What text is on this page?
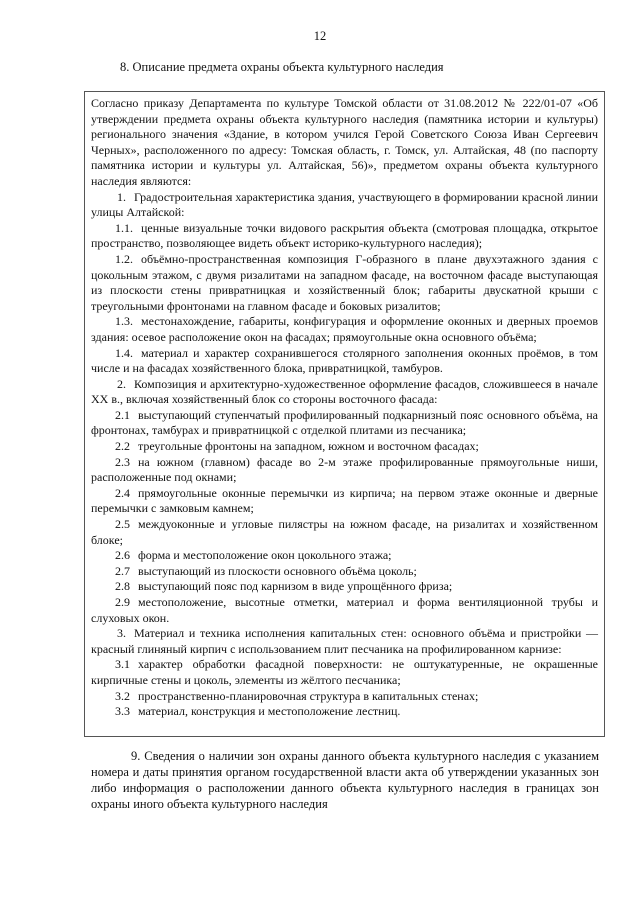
12
8. Описание предмета охраны объекта культурного наследия

Согласно приказу Департамента по культуре Томской области от 31.08.2012 № 222/01-07 «Об утверждении предмета охраны объекта культурного наследия (памятника истории и культуры) регионального значения «Здание, в котором учился Герой Советского Союза Иван Сергеевич Черных», расположенного по адресу: Томская область, г. Томск, ул. Алтайская, 48 (по паспорту памятника истории и культуры ул. Алтайская, 56)», предметом охраны объекта культурного наследия являются:

1. Градостроительная характеристика здания, участвующего в формировании красной линии улицы Алтайской:

1.1. ценные визуальные точки видового раскрытия объекта (смотровая площадка, открытое пространство, позволяющее видеть объект историко-культурного наследия);

1.2. объёмно-пространственная композиция Г-образного в плане двухэтажного здания с цокольным этажом, с двумя ризалитами на западном фасаде, на восточном фасаде выступающая из плоскости стены привратницкая и хозяйственный блок; габариты двускатной крыши с треугольными фронтонами на главном фасаде и боковых ризалитов;

1.3. местонахождение, габариты, конфигурация и оформление оконных и дверных проемов здания: осевое расположение окон на фасадах; прямоугольные окна основного объёма;

1.4. материал и характер сохранившегося столярного заполнения оконных проёмов, в том числе и на фасадах хозяйственного блока, привратницкой, тамбуров.

2. Композиция и архитектурно-художественное оформление фасадов, сложившееся в начале XX в., включая хозяйственный блок со стороны восточного фасада:

2.1 выступающий ступенчатый профилированный подкарнизный пояс основного объёма, на фронтонах, тамбурах и привратницкой с отделкой плитами из песчаника;

2.2 треугольные фронтоны на западном, южном и восточном фасадах;

2.3 на южном (главном) фасаде во 2-м этаже профилированные прямоугольные ниши, расположенные под окнами;

2.4 прямоугольные оконные перемычки из кирпича; на первом этаже оконные и дверные перемычки с замковым камнем;

2.5 междуоконные и угловые пилястры на южном фасаде, на ризалитах и хозяйственном блоке;

2.6 форма и местоположение окон цокольного этажа;

2.7 выступающий из плоскости основного объёма цоколь;

2.8 выступающий пояс под карнизом в виде упрощённого фриза;

2.9 местоположение, высотные отметки, материал и форма вентиляционной трубы и слуховых окон.

3. Материал и техника исполнения капитальных стен: основного объёма и пристройки — красный глиняный кирпич с использованием плит песчаника на профилированном карнизе:

3.1 характер обработки фасадной поверхности: не оштукатуренные, не окрашенные кирпичные стены и цоколь, элементы из жёлтого песчаника;

3.2 пространственно-планировочная структура в капитальных стенах;

3.3 материал, конструкция и местоположение лестниц.

9. Сведения о наличии зон охраны данного объекта культурного наследия с указанием номера и даты принятия органом государственной власти акта об утверждении указанных зон либо информация о расположении данного объекта культурного наследия в границах зон охраны иного объекта культурного наследия
